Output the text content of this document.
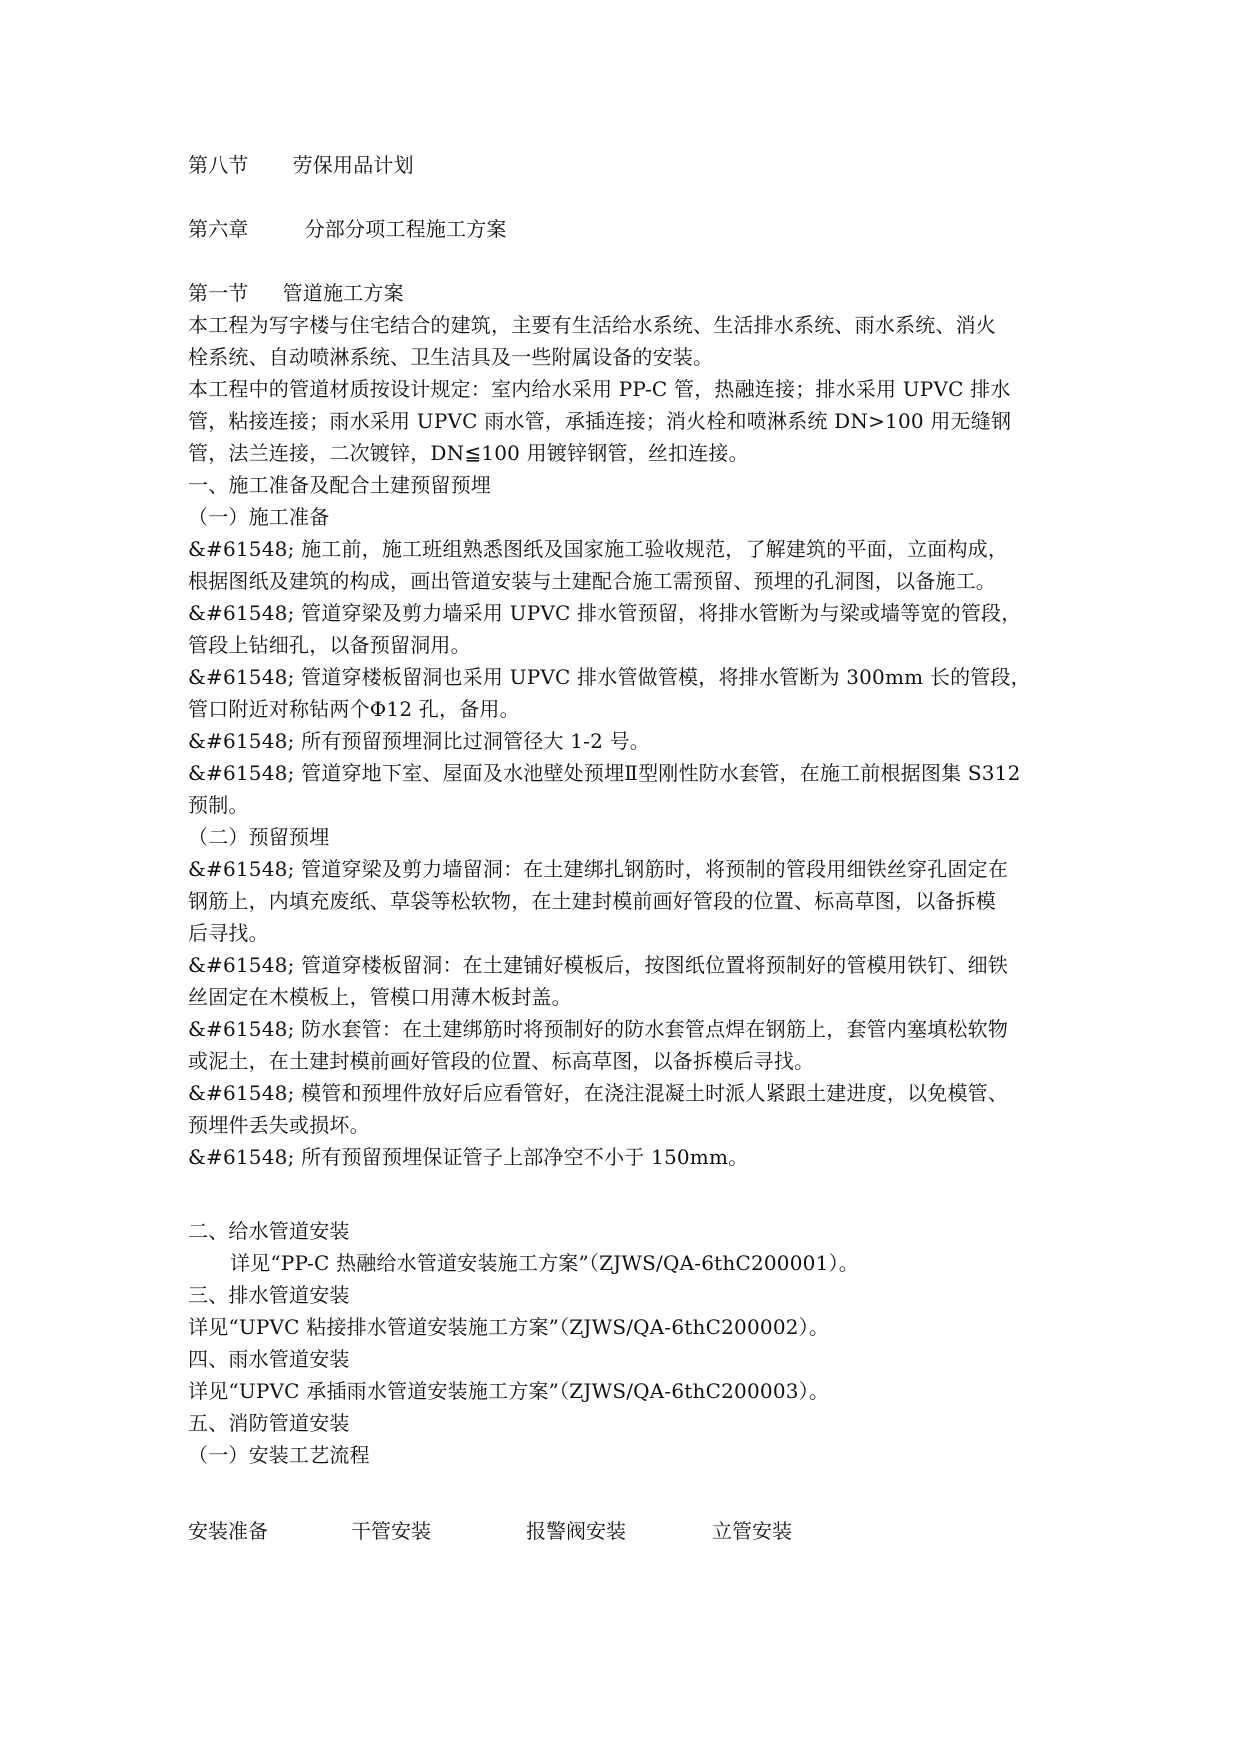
第八节 劳保用品计划
第六章	分部分项工程施工方案
第一节 管道施工方案
本工程为写字楼与住宅结合的建筑，主要有生活给水系统、生活排水系统、雨水系统、消火
栓系统、自动喷淋系统、卫生洁具及一些附属设备的安装。
本工程中的管道材质按设计规定：室内给水采用 PP-C 管，热融连接；排水采用 UPVC 排水
管，粘接连接；雨水采用 UPVC 雨水管，承插连接；消火栓和喷淋系统 DN>100 用无缝钢
管，法兰连接，二次镀锌，DN≦100 用镀锌钢管，丝扣连接。
一、施工准备及配合土建预留预埋
（一）施工准备
&#61548; 施工前，施工班组熟悉图纸及国家施工验收规范，了解建筑的平面，立面构成，
根据图纸及建筑的构成，画出管道安装与土建配合施工需预留、预埋的孔洞图，以备施工。
&#61548; 管道穿梁及剪力墙采用 UPVC 排水管预留，将排水管断为与梁或墙等宽的管段，
管段上钻细孔，以备预留洞用。
&#61548; 管道穿楼板留洞也采用 UPVC 排水管做管模，将排水管断为 300mm 长的管段，
管口附近对称钻两个Φ12 孔，备用。
&#61548; 所有预留预埋洞比过洞管径大 1-2 号。
&#61548; 管道穿地下室、屋面及水池壁处预埋Ⅱ型刚性防水套管，在施工前根据图集 S312
预制。
（二）预留预埋
&#61548; 管道穿梁及剪力墙留洞：在土建绑扎钢筋时，将预制的管段用细铁丝穿孔固定在
钢筋上，内填充废纸、草袋等松软物，在土建封模前画好管段的位置、标高草图，以备拆模
后寻找。
&#61548; 管道穿楼板留洞：在土建铺好模板后，按图纸位置将预制好的管模用铁钉、细铁
丝固定在木模板上，管模口用薄木板封盖。
&#61548; 防水套管：在土建绑筋时将预制好的防水套管点焊在钢筋上，套管内塞填松软物
或泥土，在土建封模前画好管段的位置、标高草图，以备拆模后寻找。
&#61548; 模管和预埋件放好后应看管好，在浇注混凝土时派人紧跟土建进度，以免模管、
预埋件丢失或损坏。
&#61548; 所有预留预埋保证管子上部净空不小于 150mm。
二、给水管道安装
详见“PP-C 热融给水管道安装施工方案”（ZJWS/QA-6thC200001）。
三、排水管道安装
详见“UPVC 粘接排水管道安装施工方案”（ZJWS/QA-6thC200002）。
四、雨水管道安装
详见“UPVC 承插雨水管道安装施工方案”（ZJWS/QA-6thC200003）。
五、消防管道安装
（一）安装工艺流程
安装准备	干管安装	报警阀安装	立管安装
